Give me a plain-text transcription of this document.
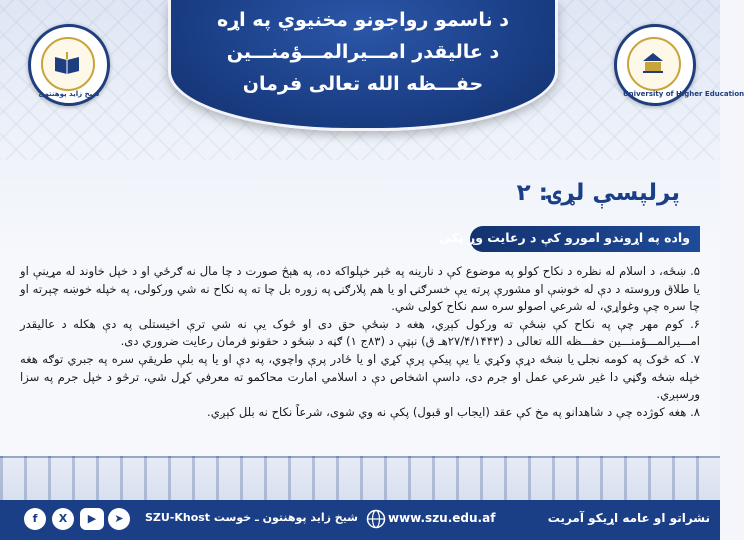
شیخ زاید پوهنتون
د ناسمو رواجونو مخنیوي په اړه
د عالیقدر امـــیرالمـــؤمنـــین
حفـــظه الله تعالی فرمان	University of Higher Education
پرلپسې لړۍ: ۲
واده په اړوندو امورو کې د رعایت وړ ټکي

۵. ښځه، د اسلام له نظره د نکاح کولو په موضوع کې د نارینه په څېر خپلواکه ده، په هېڅ صورت د چا مال نه ګرځي او د خپل خاوند له مړینې او یا طلاق وروسته د دې له خوښې او مشورې پرته یې خسرګنۍ او یا هم پلارګنۍ په زوره بل چا ته په نکاح نه شي ورکولی، په خپله خوښه چېرته او چا سره چې وغواړي، له شرعي اصولو سره سم نکاح کولی شي.

۶. کوم مهر چې په نکاح کې ښځې ته ورکول کېږي، هغه د ښځې حق دی او څوک یې نه شي ترې اخیستلی په دې هکله د عالیقدر امـــیرالمـــؤمنـــین حفـــظه الله تعالی د (۲۷/۴/۱۴۴۳هـ ق) نېټې د (۸۳ج ۱) ګڼه د ښځو د حقونو فرمان رعایت ضروري دی.

۷. که څوک په کومه نجلۍ یا ښځه دړې وکړي یا یې پیکې پرې کړي او یا ځادر پرې واچوي، په دې او یا په بلې طریقې سره په جبري توګه هغه خپله ښځه وګڼي دا غیر شرعي عمل او جرم دی، داسې اشخاص دې د اسلامي امارت محاکمو ته معرفي کړل شي، ترڅو د خپل جرم په سزا ورسېږي.

۸. هغه کوژده چې د شاهدانو په مخ کې عقد (ایجاب او قبول) پکې نه وي شوی، شرعاً نکاح نه بلل کېږي.

نشراتو او عامه اړیکو آمریت
www.szu.edu.af
شیخ زاید پوهنتون ـ خوست SZU-Khost
➤
▶
X
f
